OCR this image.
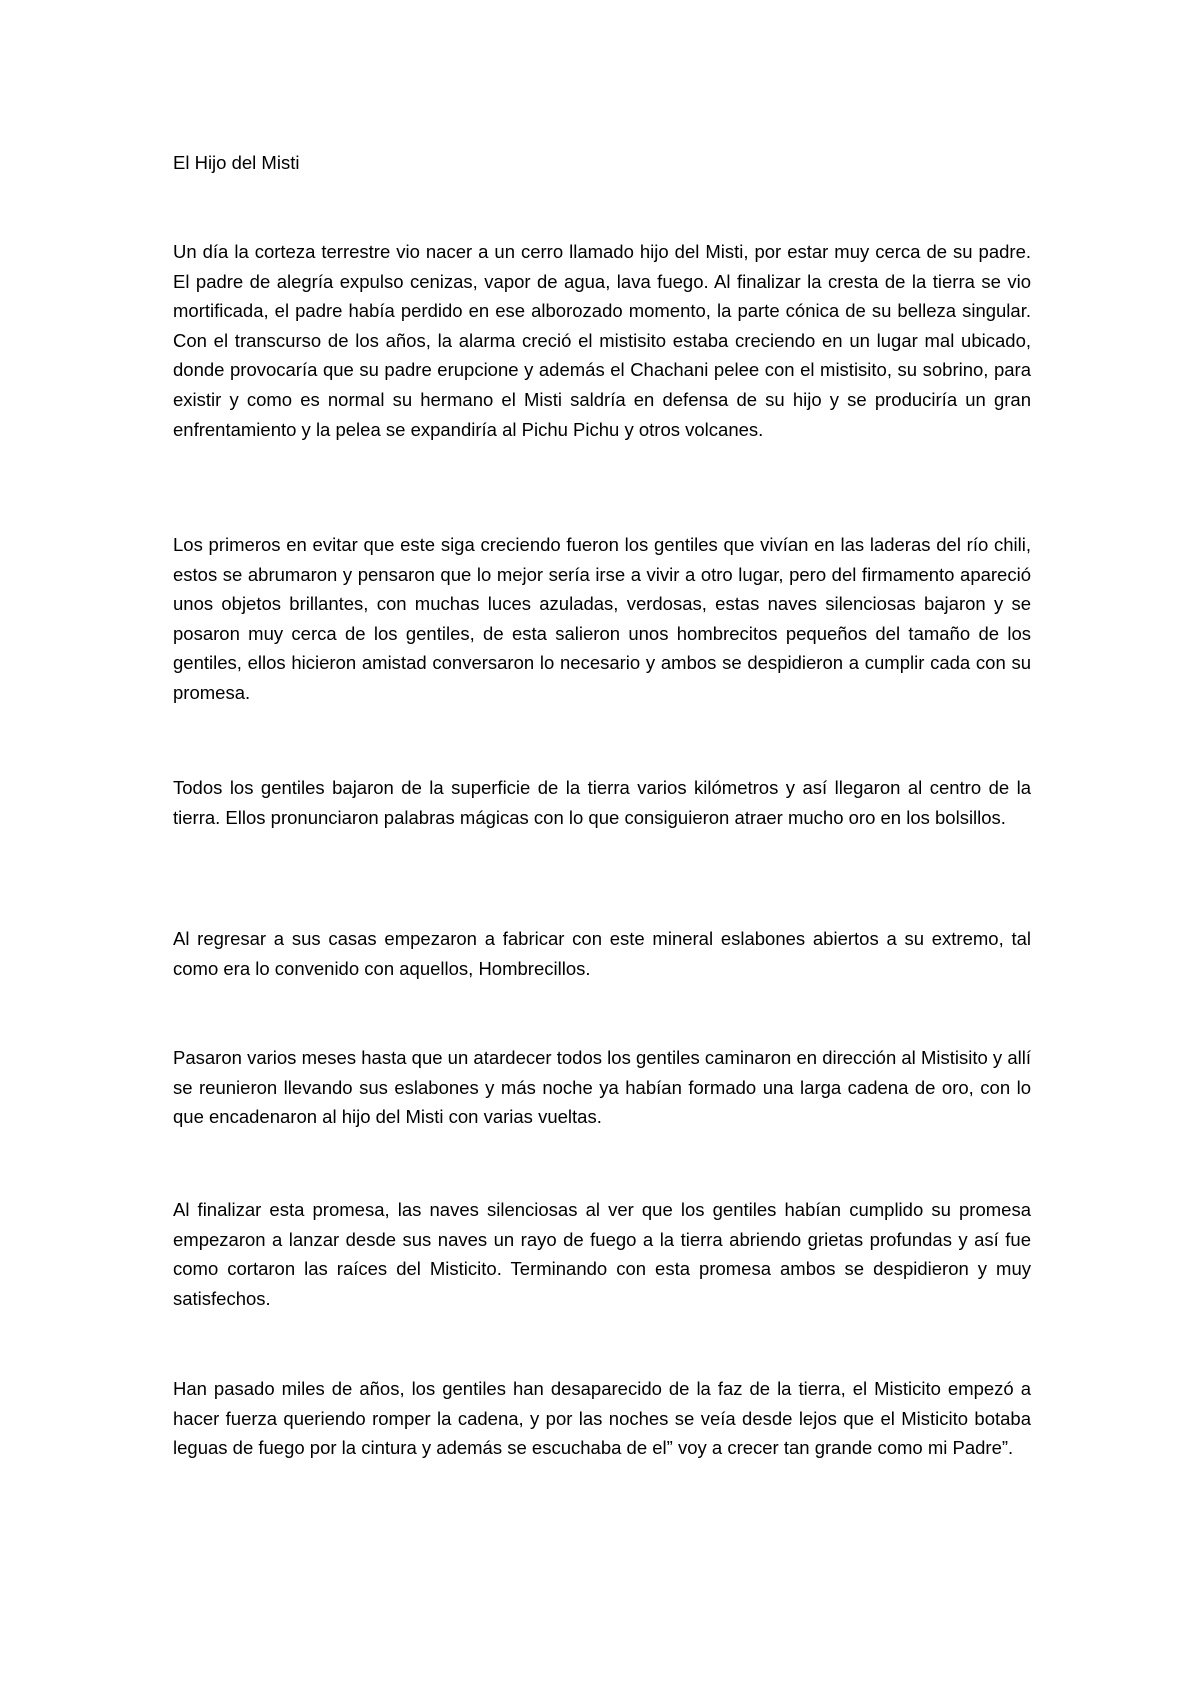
El Hijo del Misti

Un día la corteza terrestre vio nacer a un cerro llamado hijo del Misti, por estar muy cerca de su padre. El padre de alegría expulso cenizas, vapor de agua, lava fuego. Al finalizar la cresta de la tierra se vio mortificada, el padre había perdido en ese alborozado momento, la parte cónica de su belleza singular. Con el transcurso de los años, la alarma creció el mistisito estaba creciendo en un lugar mal ubicado, donde provocaría que su padre erupcione y además el Chachani pelee con el mistisito, su sobrino, para existir y como es normal su hermano el Misti saldría en defensa de su hijo y se produciría un gran enfrentamiento y la pelea se expandiría al Pichu Pichu y otros volcanes.

Los primeros en evitar que este siga creciendo fueron los gentiles que vivían en las laderas del río chili, estos se abrumaron y pensaron que lo mejor sería irse a vivir a otro lugar, pero del firmamento apareció unos objetos brillantes, con muchas luces azuladas, verdosas, estas naves silenciosas bajaron y se posaron muy cerca de los gentiles, de esta salieron unos hombrecitos pequeños del tamaño de los gentiles, ellos hicieron amistad conversaron lo necesario y ambos se despidieron a cumplir cada con su promesa.

Todos los gentiles bajaron de la superficie de la tierra varios kilómetros y así llegaron al centro de la tierra. Ellos pronunciaron palabras mágicas con lo que consiguieron atraer mucho oro en los bolsillos.

Al regresar a sus casas empezaron a fabricar con este mineral eslabones abiertos a su extremo, tal como era lo convenido con aquellos, Hombrecillos.

Pasaron varios meses hasta que un atardecer todos los gentiles caminaron en dirección al Mistisito y allí se reunieron llevando sus eslabones y más noche ya habían formado una larga cadena de oro, con lo que encadenaron al hijo del Misti con varias vueltas.

Al finalizar esta promesa, las naves silenciosas al ver que los gentiles habían cumplido su promesa empezaron a lanzar desde sus naves un rayo de fuego a la tierra abriendo grietas profundas y así fue como cortaron las raíces del Misticito. Terminando con esta promesa ambos se despidieron y muy satisfechos.

Han pasado miles de años, los gentiles han desaparecido de la faz de la tierra, el Misticito empezó a hacer fuerza queriendo romper la cadena, y por las noches se veía desde lejos que el Misticito botaba leguas de fuego por la cintura y además se escuchaba de el” voy a crecer tan grande como mi Padre”.
